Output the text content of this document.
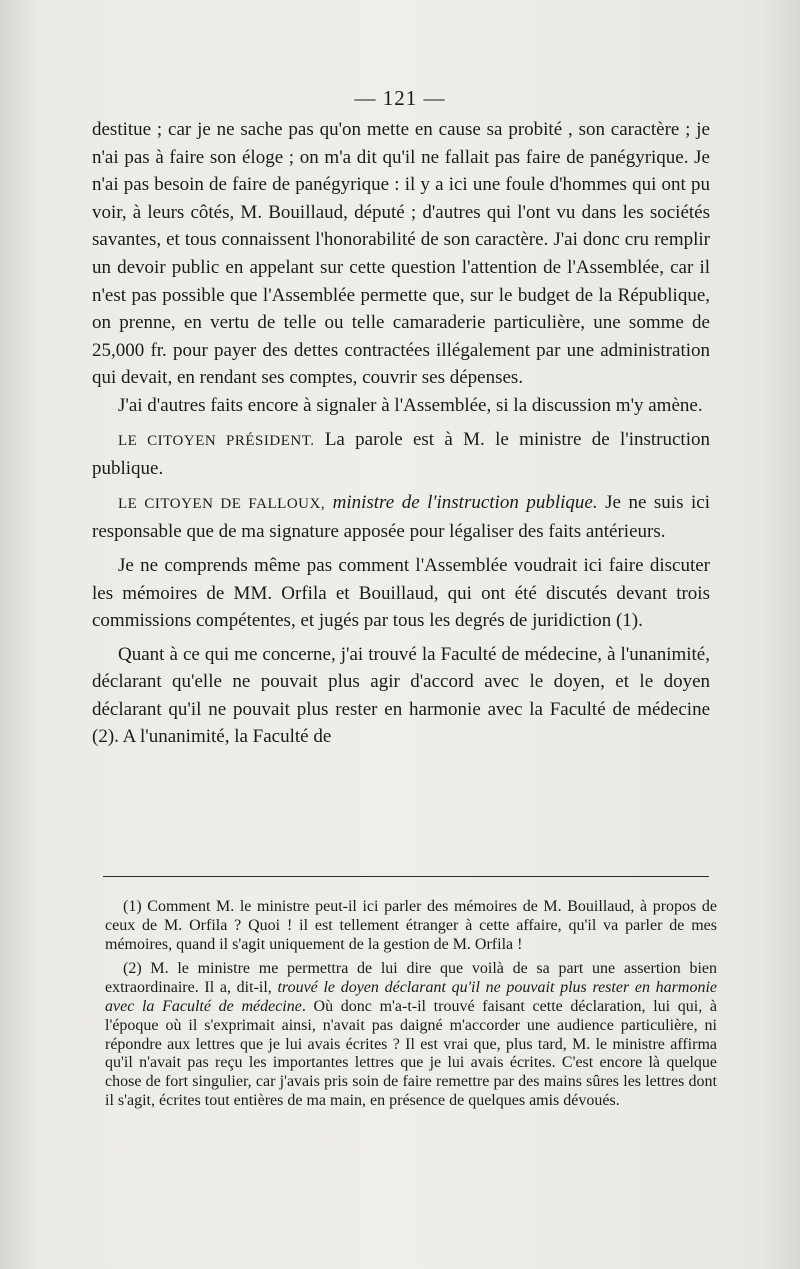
— 121 —

destitue ; car je ne sache pas qu'on mette en cause sa probité , son caractère ; je n'ai pas à faire son éloge ; on m'a dit qu'il ne fallait pas faire de panégyrique. Je n'ai pas besoin de faire de panégyrique : il y a ici une foule d'hommes qui ont pu voir, à leurs côtés, M. Bouillaud, député ; d'autres qui l'ont vu dans les sociétés savantes, et tous connaissent l'honorabilité de son caractère. J'ai donc cru remplir un devoir public en appelant sur cette question l'attention de l'Assemblée, car il n'est pas possible que l'Assemblée permette que, sur le budget de la République, on prenne, en vertu de telle ou telle camaraderie particulière, une somme de 25,000 fr. pour payer des dettes contractées illégalement par une administration qui devait, en rendant ses comptes, couvrir ses dépenses.

J'ai d'autres faits encore à signaler à l'Assemblée, si la discussion m'y amène.

LE CITOYEN PRÉSIDENT. La parole est à M. le ministre de l'instruction publique.

LE CITOYEN DE FALLOUX, ministre de l'instruction publique. Je ne suis ici responsable que de ma signature apposée pour légaliser des faits antérieurs.

Je ne comprends même pas comment l'Assemblée voudrait ici faire discuter les mémoires de MM. Orfila et Bouillaud, qui ont été discutés devant trois commissions compétentes, et jugés par tous les degrés de juridiction (1).

Quant à ce qui me concerne, j'ai trouvé la Faculté de médecine, à l'unanimité, déclarant qu'elle ne pouvait plus agir d'accord avec le doyen, et le doyen déclarant qu'il ne pouvait plus rester en harmonie avec la Faculté de médecine (2). A l'unanimité, la Faculté de

(1) Comment M. le ministre peut-il ici parler des mémoires de M. Bouillaud, à propos de ceux de M. Orfila ? Quoi ! il est tellement étranger à cette affaire, qu'il va parler de mes mémoires, quand il s'agit uniquement de la gestion de M. Orfila !

(2) M. le ministre me permettra de lui dire que voilà de sa part une assertion bien extraordinaire. Il a, dit-il, trouvé le doyen déclarant qu'il ne pouvait plus rester en harmonie avec la Faculté de médecine. Où donc m'a-t-il trouvé faisant cette déclaration, lui qui, à l'époque où il s'exprimait ainsi, n'avait pas daigné m'accorder une audience particulière, ni répondre aux lettres que je lui avais écrites ? Il est vrai que, plus tard, M. le ministre affirma qu'il n'avait pas reçu les importantes lettres que je lui avais écrites. C'est encore là quelque chose de fort singulier, car j'avais pris soin de faire remettre par des mains sûres les lettres dont il s'agit, écrites tout entières de ma main, en présence de quelques amis dévoués.
